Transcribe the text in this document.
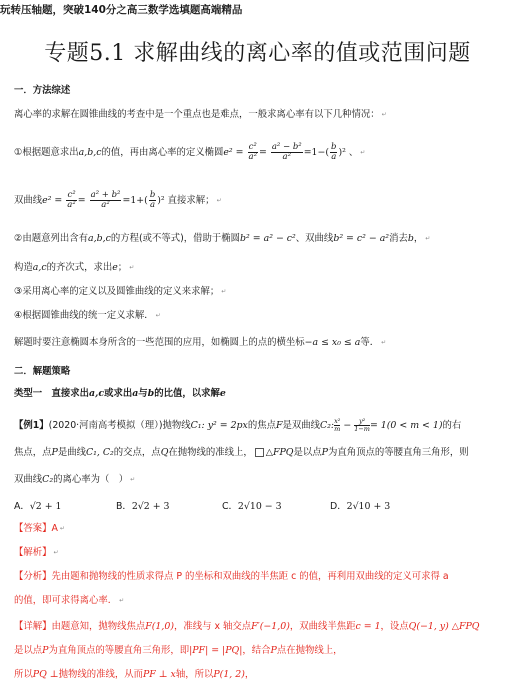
玩转压轴题，突破140分之高三数学选填题高端精品
专题5.1 求解曲线的离心率的值或范围问题
一．方法综述
离心率的求解在圆锥曲线的考查中是一个重点也是难点，一般求离心率有以下几种情况： ↵
①根据题意求出a,b,c的值，再由离心率的定义椭圆$e^2 = \frac{\text{c²}}{\text{a²}} = \frac{\text{a² − b²}}{\text{a²}} =1-( \frac{b}{a} )^2$ 、 ↵
双曲线$e^2 = \frac{\text{c²}}{\text{a²}} = \frac{\text{a² + b²}}{\text{a²}} =1+( \frac{b}{a} )^2$ 直接求解； ↵
②由题意列出含有a,b,c的方程(或不等式)，借助于椭圆b² = a² − c²、双曲线b² = c² − a²消去b， ↵
构造a,c的齐次式，求出e； ↵
③采用离心率的定义以及圆锥曲线的定义来求解； ↵
④根据圆锥曲线的统一定义求解． ↵
解题时要注意椭圆本身所含的一些范围的应用，如椭圆上的点的横坐标−a ≤ x₀ ≤ a等． ↵
二．解题策略
类型一　直接求出a,c或求出a与b的比值，以求解e
【例1】(2020·河南高考模拟（理）)抛物线C₁: y² = 2px的焦点F是双曲线C₂: $\frac{\text{x²}}{m} - \frac{\text{y²}}{1-m}= 1(0 < m < 1)$的右
焦点，点P是曲线C₁, C₂的交点，点Q在抛物线的准线上， △FPQ是以点P为直角顶点的等腰直角三角形，则
双曲线C₂的离心率为（　） ↵
A．√2 + 1	B．2√2 + 3	C．2√10 − 3	D．2√10 + 3
【答案】A ↵
【解析】 ↵
【分析】先由题和抛物线的性质求得点 P 的坐标和双曲线的半焦距 c 的值，再利用双曲线的定义可求得 a
的值，即可求得离心率． ↵
【详解】由题意知，抛物线焦点F(1,0)，准线与 x 轴交点F′(−1,0)，双曲线半焦距c = 1，设点Q(−1, y) △FPQ
是以点P为直角顶点的等腰直角三角形，即|PF| = |PQ|，结合P点在抛物线上，
所以PQ ⊥抛物线的准线，从而PF ⊥ x轴，所以P(1, 2)，
